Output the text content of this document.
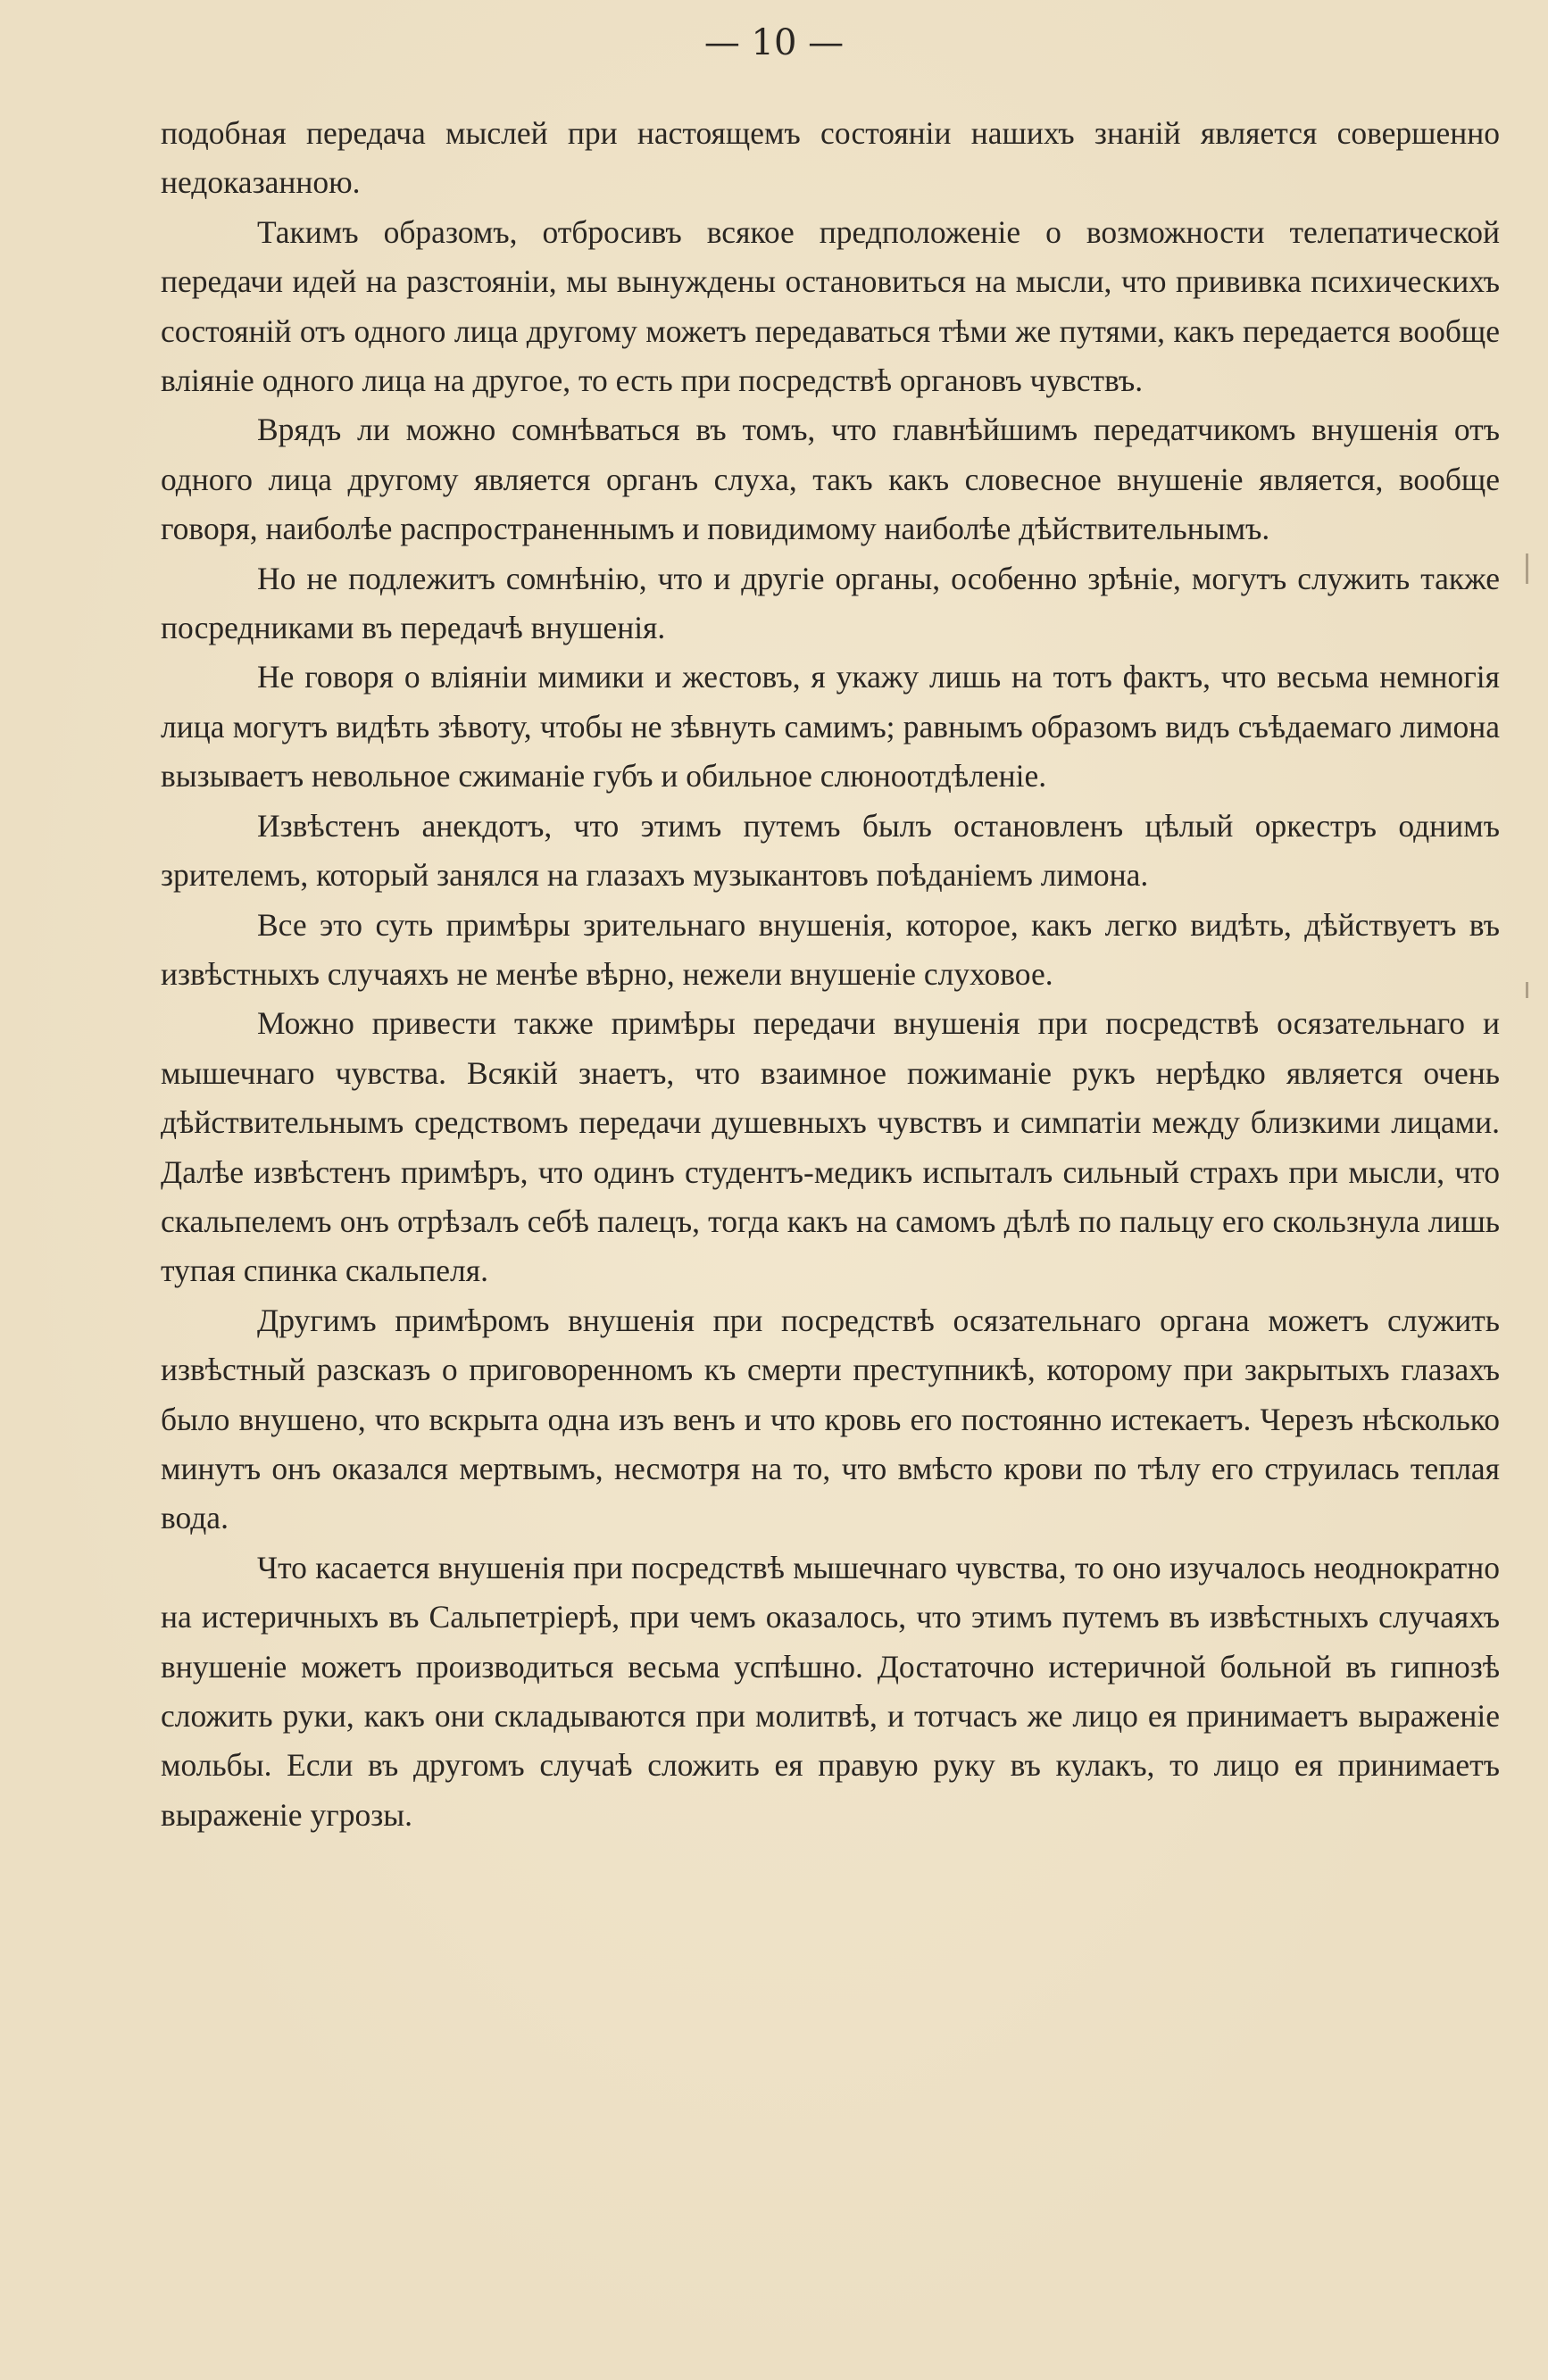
— 10 —

подобная передача мыслей при настоящемъ состоянiи нашихъ знанiй является совершенно недоказанною.

Такимъ образомъ, отбросивъ всякое предположенiе о возможности телепатической передачи идей на разстоянiи, мы вынуждены остановиться на мысли, что прививка психическихъ состоянiй отъ одного лица другому можетъ передаваться тѣми же путями, какъ передается вообще влiянiе одного лица на другое, то есть при посредствѣ органовъ чувствъ.

Врядъ ли можно сомнѣваться въ томъ, что главнѣйшимъ передатчикомъ внушенiя отъ одного лица другому является органъ слуха, такъ какъ словесное внушенiе является, вообще говоря, наиболѣе распространеннымъ и повидимому наиболѣе дѣйствительнымъ.

Но не подлежитъ сомнѣнiю, что и другiе органы, особенно зрѣнiе, могутъ служить также посредниками въ передачѣ внушенiя.

Не говоря о влiянiи мимики и жестовъ, я укажу лишь на тотъ фактъ, что весьма немногiя лица могутъ видѣть зѣвоту, чтобы не зѣвнуть самимъ; равнымъ образомъ видъ съѣдаемаго лимона вызываетъ невольное сжиманiе губъ и обильное слюноотдѣленiе.

Извѣстенъ анекдотъ, что этимъ путемъ былъ остановленъ цѣлый оркестръ однимъ зрителемъ, который занялся на глазахъ музыкантовъ поѣданiемъ лимона.

Все это суть примѣры зрительнаго внушенiя, которое, какъ легко видѣть, дѣйствуетъ въ извѣстныхъ случаяхъ не менѣе вѣрно, нежели внушенiе слуховое.

Можно привести также примѣры передачи внушенiя при посредствѣ осязательнаго и мышечнаго чувства. Всякiй знаетъ, что взаимное пожиманiе рукъ нерѣдко является очень дѣйствительнымъ средствомъ передачи душевныхъ чувствъ и симпатiи между близкими лицами. Далѣе извѣстенъ примѣръ, что одинъ студентъ-медикъ испыталъ сильный страхъ при мысли, что скальпелемъ онъ отрѣзалъ себѣ палецъ, тогда какъ на самомъ дѣлѣ по пальцу его скользнула лишь тупая спинка скальпеля.

Другимъ примѣромъ внушенiя при посредствѣ осязательнаго органа можетъ служить извѣстный разсказъ о приговоренномъ къ смерти преступникѣ, которому при закрытыхъ глазахъ было внушено, что вскрыта одна изъ венъ и что кровь его постоянно истекаетъ. Черезъ нѣсколько минутъ онъ оказался мертвымъ, несмотря на то, что вмѣсто крови по тѣлу его струилась теплая вода.

Что касается внушенiя при посредствѣ мышечнаго чувства, то оно изучалось неоднократно на истеричныхъ въ Сальпетрiерѣ, при чемъ оказалось, что этимъ путемъ въ извѣстныхъ случаяхъ внушенiе можетъ производиться весьма успѣшно. Достаточно истеричной больной въ гипнозѣ сложить руки, какъ они складываются при молитвѣ, и тотчасъ же лицо ея принимаетъ выраженiе мольбы. Если въ другомъ случаѣ сложить ея правую руку въ кулакъ, то лицо ея принимаетъ выраженiе угрозы.
